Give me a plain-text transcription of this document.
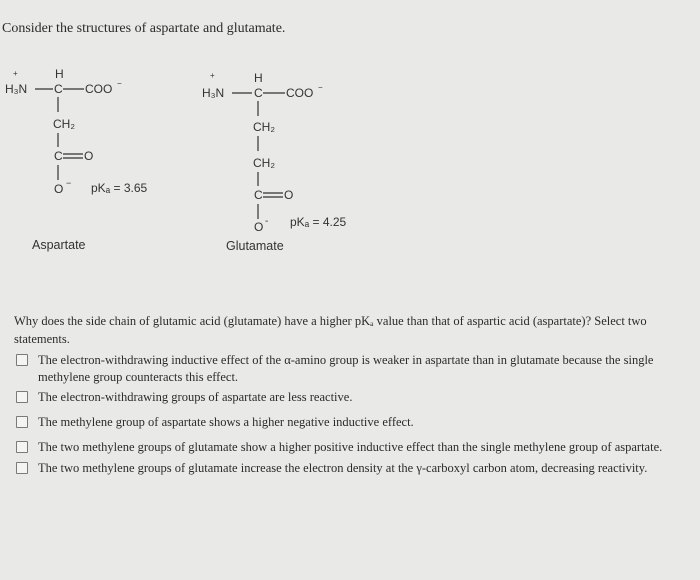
Consider the structures of aspartate and glutamate.
+
H₃N
H
C COO −
CH₂
C O
O − pKₐ = 3.65
Aspartate
+
H₃N
H
C COO −
CH₂
CH₂
C O
O - pKₐ = 4.25
Glutamate

Why does the side chain of glutamic acid (glutamate) have a higher pKₐ value than that of aspartic acid (aspartate)? Select two statements.

The electron-withdrawing inductive effect of the α-amino group is weaker in aspartate than in glutamate because the single methylene group counteracts this effect.
The electron-withdrawing groups of aspartate are less reactive.
The methylene group of aspartate shows a higher negative inductive effect.
The two methylene groups of glutamate show a higher positive inductive effect than the single methylene group of aspartate.
The two methylene groups of glutamate increase the electron density at the γ-carboxyl carbon atom, decreasing reactivity.
